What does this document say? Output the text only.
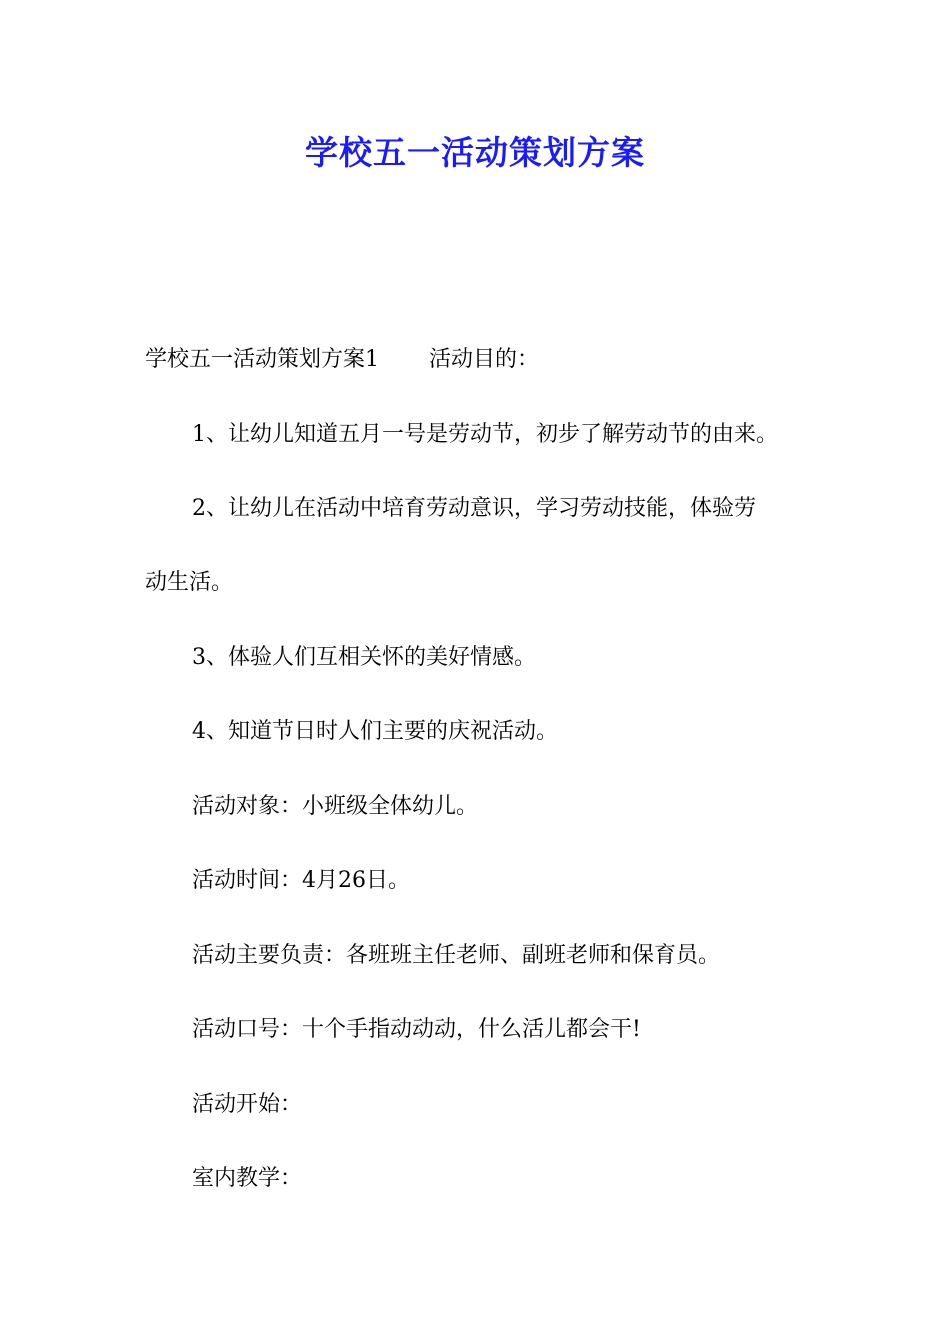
学校五一活动策划方案
学校五一活动策划方案1 活动目的：
1、让幼儿知道五月一号是劳动节，初步了解劳动节的由来。
2、让幼儿在活动中培育劳动意识，学习劳动技能，体验劳
动生活。
3、体验人们互相关怀的美好情感。
4、知道节日时人们主要的庆祝活动。
活动对象：小班级全体幼儿。
活动时间：4月26日。
活动主要负责：各班班主任老师、副班老师和保育员。
活动口号：十个手指动动动，什么活儿都会干!
活动开始：
室内教学：
